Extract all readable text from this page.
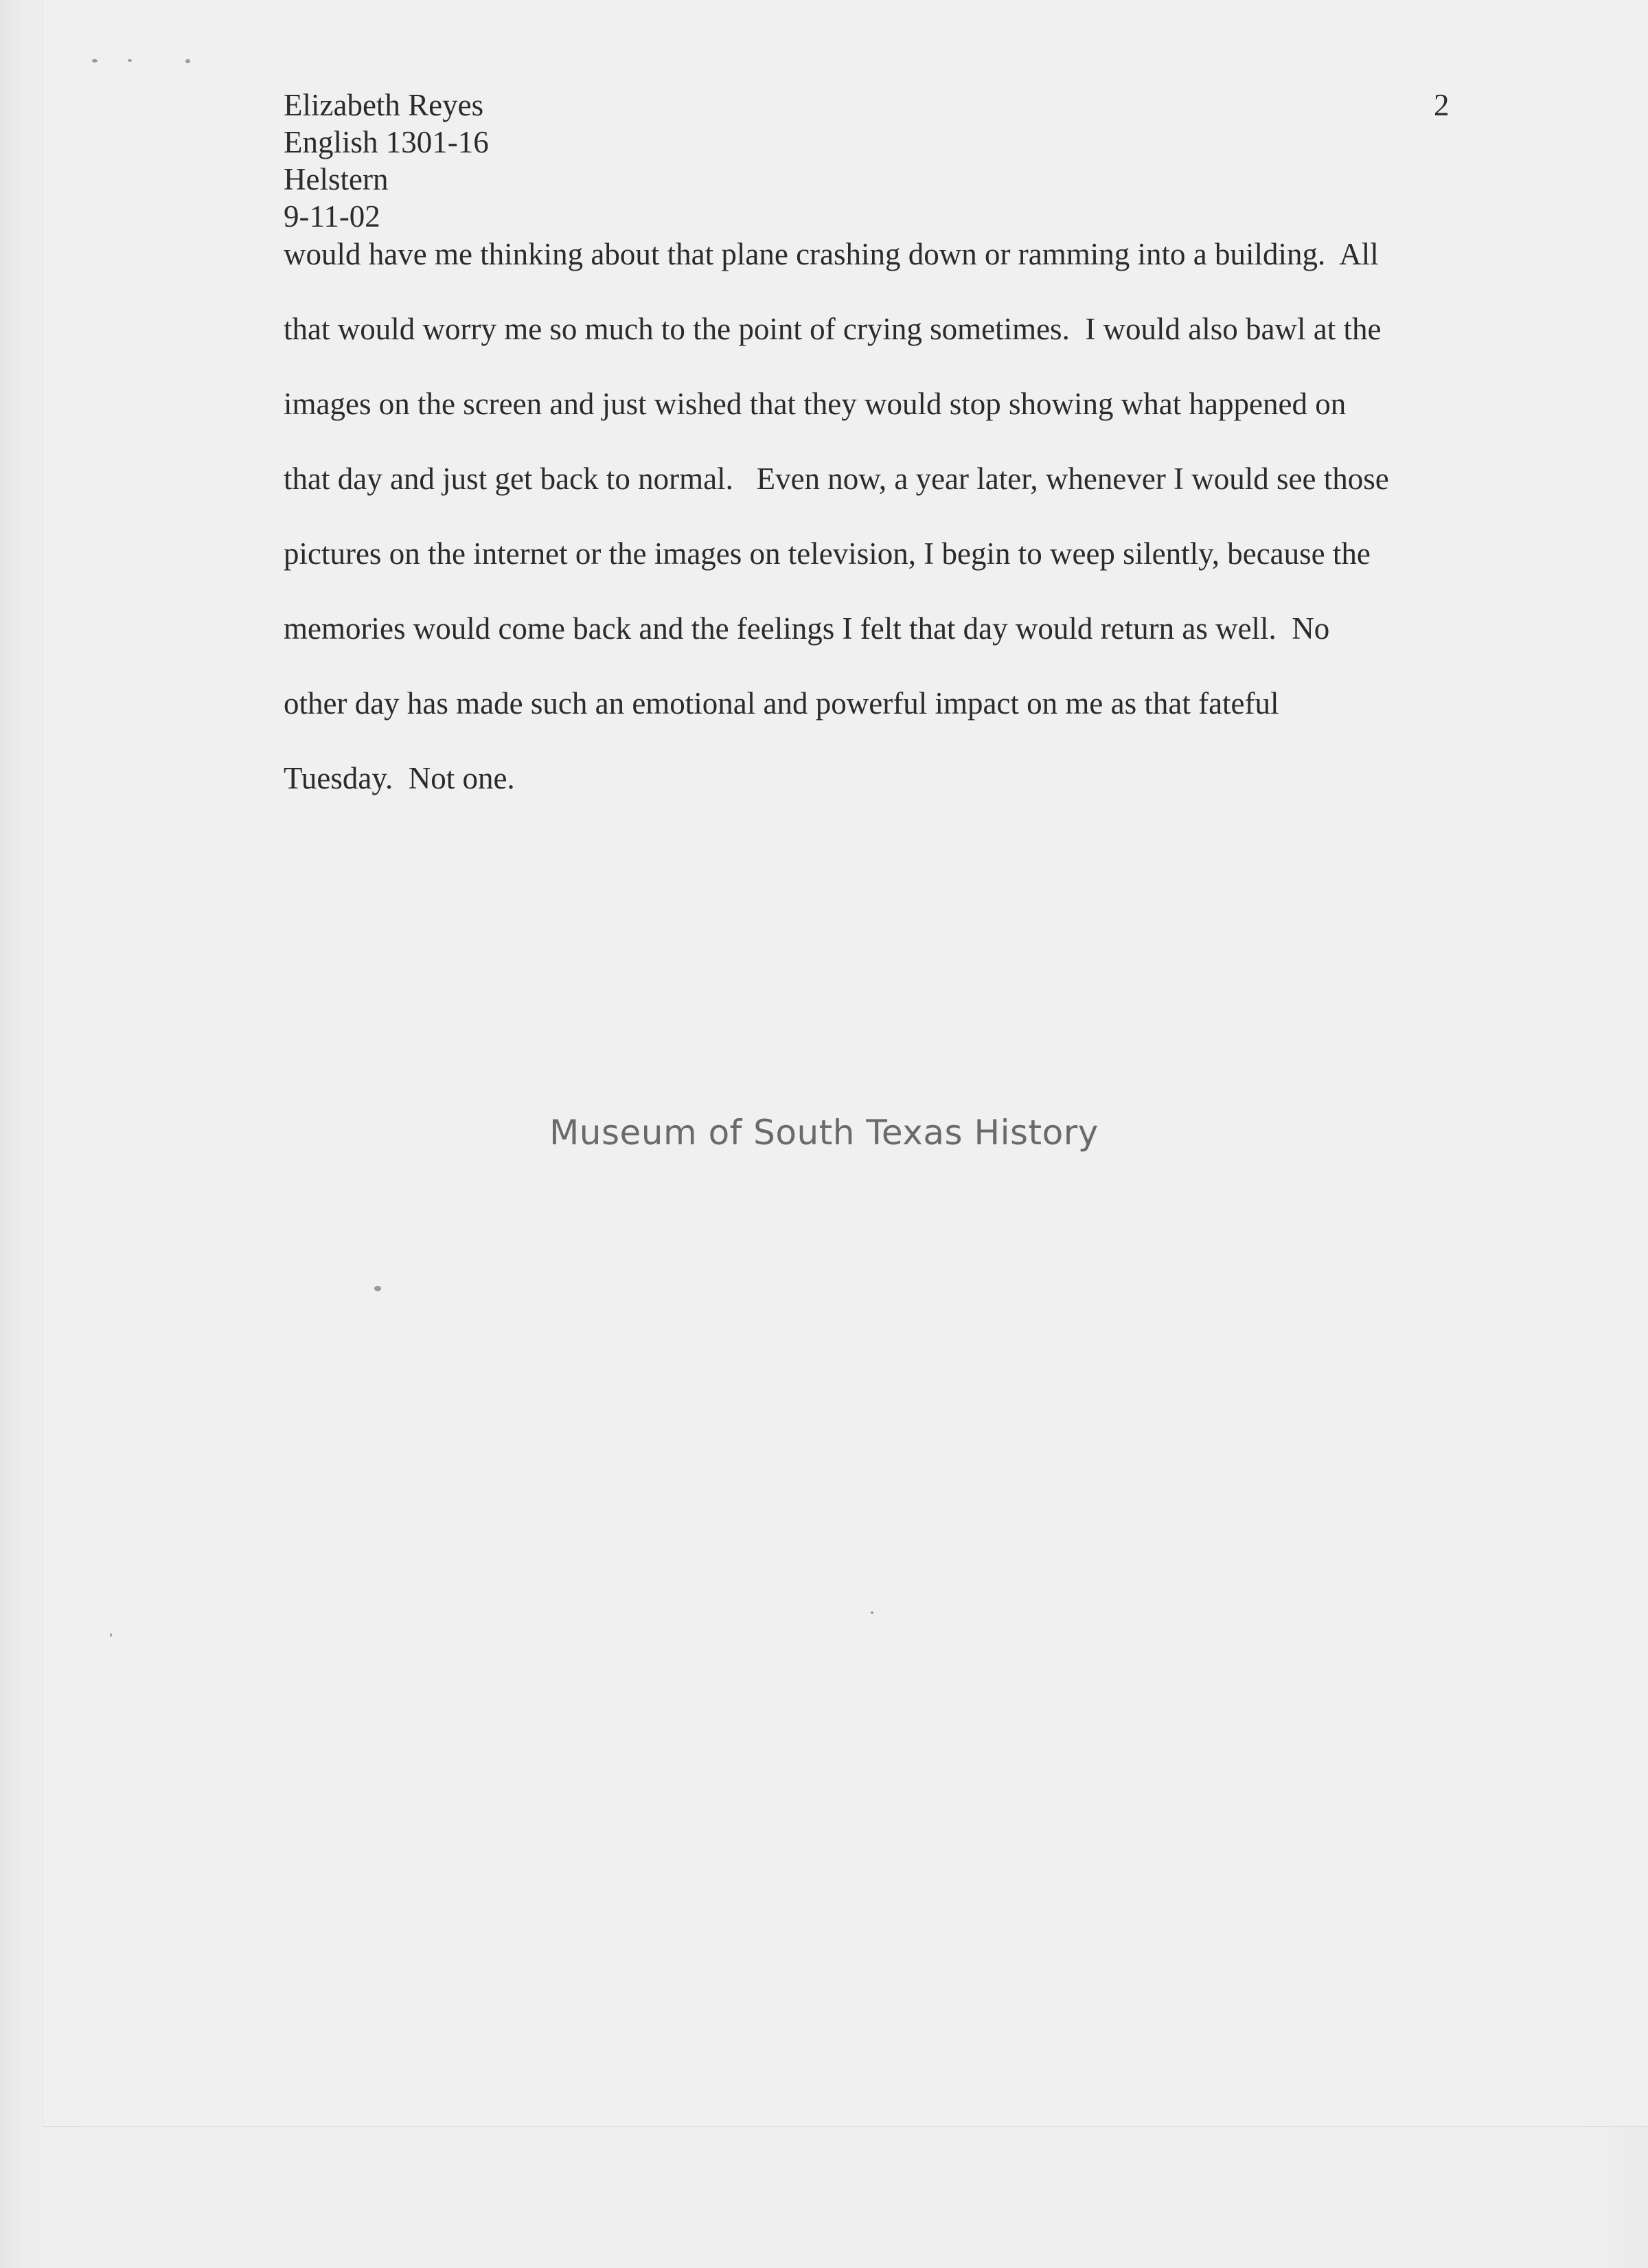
2
Elizabeth Reyes
English 1301-16
Helstern
9-11-02
would have me thinking about that plane crashing down or ramming into a building.  All
that would worry me so much to the point of crying sometimes.  I would also bawl at the
images on the screen and just wished that they would stop showing what happened on
that day and just get back to normal.   Even now, a year later, whenever I would see those
pictures on the internet or the images on television, I begin to weep silently, because the
memories would come back and the feelings I felt that day would return as well.  No
other day has made such an emotional and powerful impact on me as that fateful
Tuesday.  Not one.
Museum of South Texas History
